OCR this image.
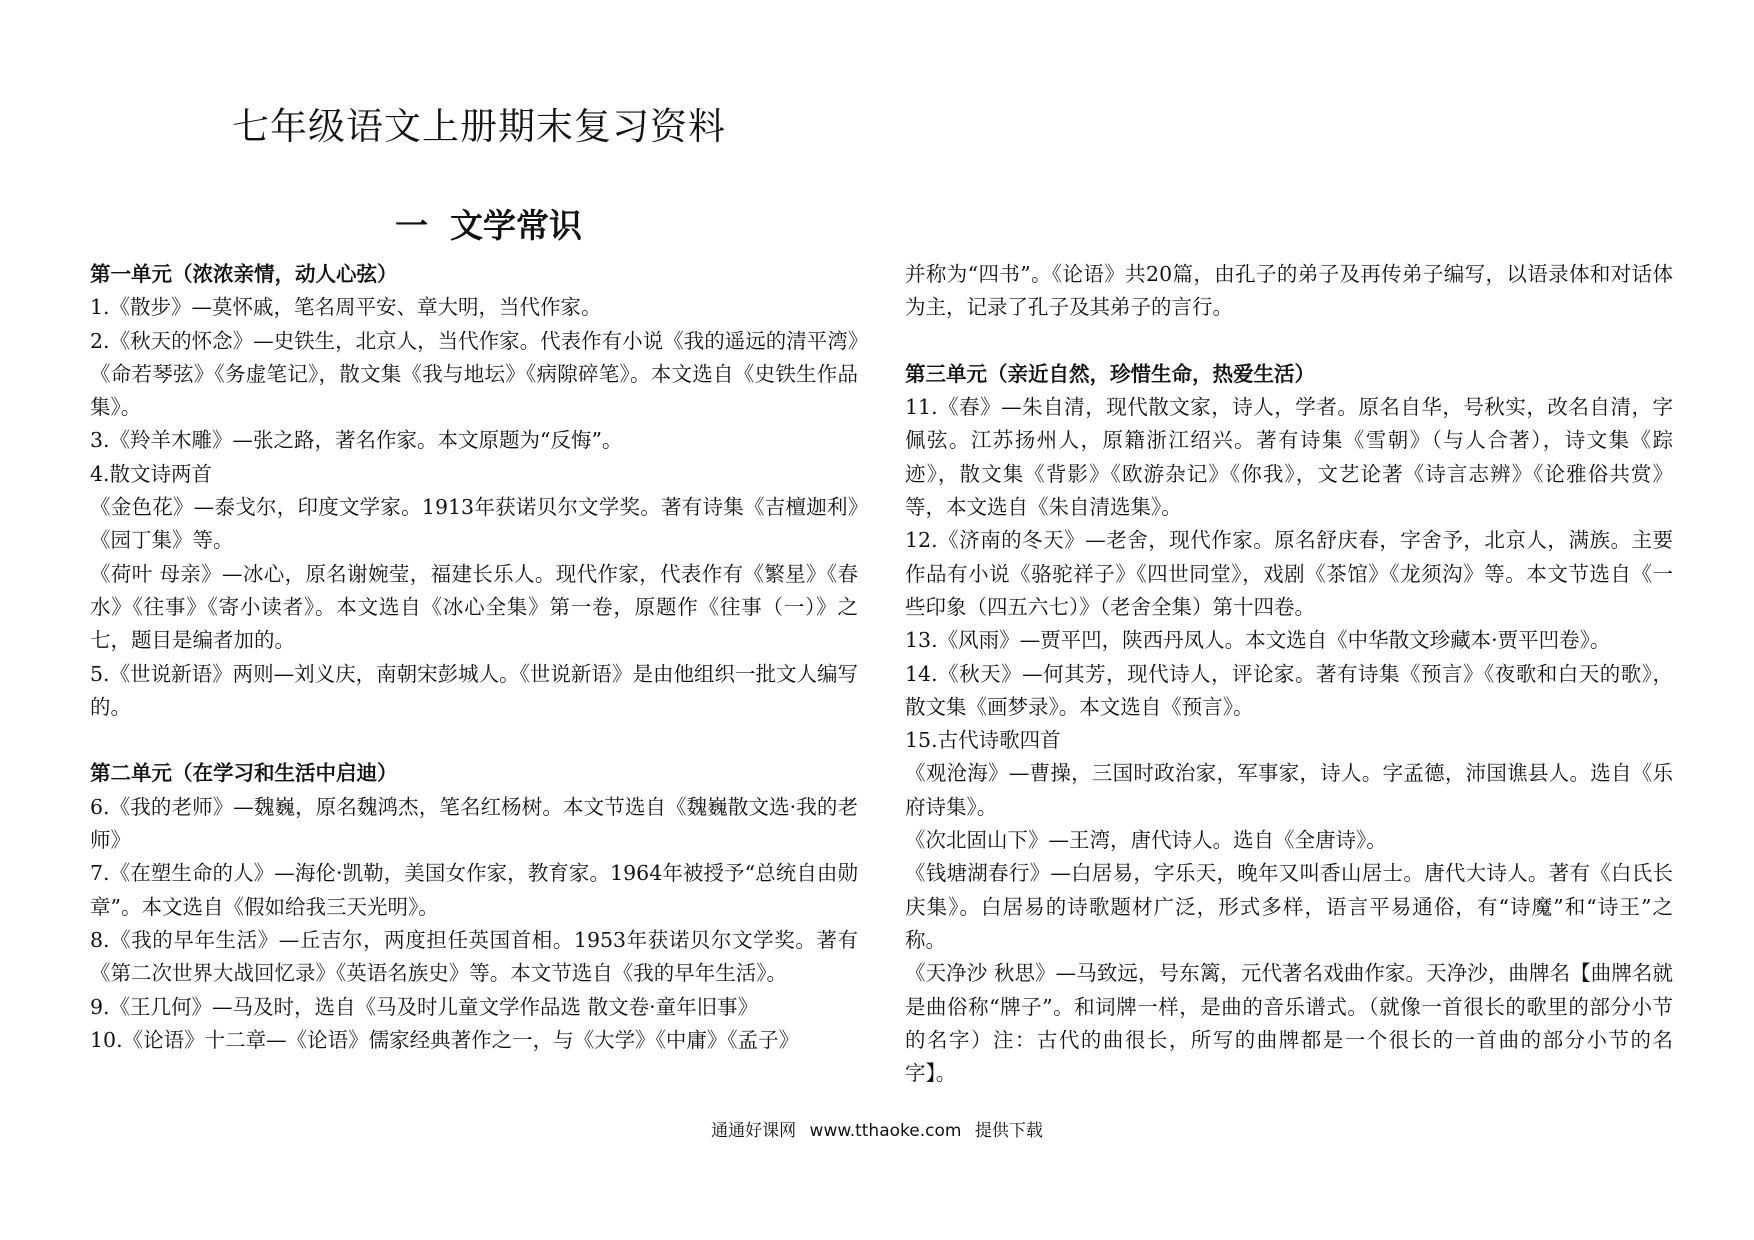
七年级语文上册期末复习资料
一 文学常识

第一单元（浓浓亲情，动人心弦）

1.《散步》—莫怀戚，笔名周平安、章大明，当代作家。

2.《秋天的怀念》—史铁生，北京人，当代作家。代表作有小说《我的遥远的清平湾》《命若琴弦》《务虚笔记》，散文集《我与地坛》《病隙碎笔》。本文选自《史铁生作品集》。

3.《羚羊木雕》—张之路，著名作家。本文原题为“反悔”。

4.散文诗两首

《金色花》—泰戈尔，印度文学家。1913年获诺贝尔文学奖。著有诗集《吉檀迦利》《园丁集》等。

《荷叶 母亲》—冰心，原名谢婉莹，福建长乐人。现代作家，代表作有《繁星》《春水》《往事》《寄小读者》。本文选自《冰心全集》第一卷，原题作《往事（一）》之七，题目是编者加的。

5.《世说新语》两则—刘义庆，南朝宋彭城人。《世说新语》是由他组织一批文人编写的。

第二单元（在学习和生活中启迪）

6.《我的老师》—魏巍，原名魏鸿杰，笔名红杨树。本文节选自《魏巍散文选·我的老师》

7.《在塑生命的人》—海伦·凯勒，美国女作家，教育家。1964年被授予“总统自由勋章”。本文选自《假如给我三天光明》。

8.《我的早年生活》—丘吉尔，两度担任英国首相。1953年获诺贝尔文学奖。著有《第二次世界大战回忆录》《英语名族史》等。本文节选自《我的早年生活》。

9.《王几何》—马及时，选自《马及时儿童文学作品选 散文卷·童年旧事》

10.《论语》十二章—《论语》儒家经典著作之一，与《大学》《中庸》《孟子》

并称为“四书”。《论语》共20篇，由孔子的弟子及再传弟子编写，以语录体和对话体为主，记录了孔子及其弟子的言行。

第三单元（亲近自然，珍惜生命，热爱生活）

11.《春》—朱自清，现代散文家，诗人，学者。原名自华，号秋实，改名自清，字佩弦。江苏扬州人，原籍浙江绍兴。著有诗集《雪朝》（与人合著），诗文集《踪迹》，散文集《背影》《欧游杂记》《你我》，文艺论著《诗言志辨》《论雅俗共赏》等，本文选自《朱自清选集》。

12.《济南的冬天》—老舍，现代作家。原名舒庆春，字舍予，北京人，满族。主要作品有小说《骆驼祥子》《四世同堂》，戏剧《茶馆》《龙须沟》等。本文节选自《一些印象（四五六七）》（老舍全集）第十四卷。

13.《风雨》—贾平凹，陕西丹凤人。本文选自《中华散文珍藏本·贾平凹卷》。

14.《秋天》—何其芳，现代诗人，评论家。著有诗集《预言》《夜歌和白天的歌》，散文集《画梦录》。本文选自《预言》。

15.古代诗歌四首

《观沧海》—曹操，三国时政治家，军事家，诗人。字孟德，沛国谯县人。选自《乐府诗集》。

《次北固山下》—王湾，唐代诗人。选自《全唐诗》。

《钱塘湖春行》—白居易，字乐天，晚年又叫香山居士。唐代大诗人。著有《白氏长庆集》。白居易的诗歌题材广泛，形式多样，语言平易通俗，有“诗魔”和“诗王”之称。

《天净沙 秋思》—马致远，号东篱，元代著名戏曲作家。天净沙，曲牌名【曲牌名就是曲俗称“牌子”。和词牌一样，是曲的音乐谱式。（就像一首很长的歌里的部分小节的名字）注：古代的曲很长，所写的曲牌都是一个很长的一首曲的部分小节的名字】。

通通好课网 www.tthaoke.com 提供下载
